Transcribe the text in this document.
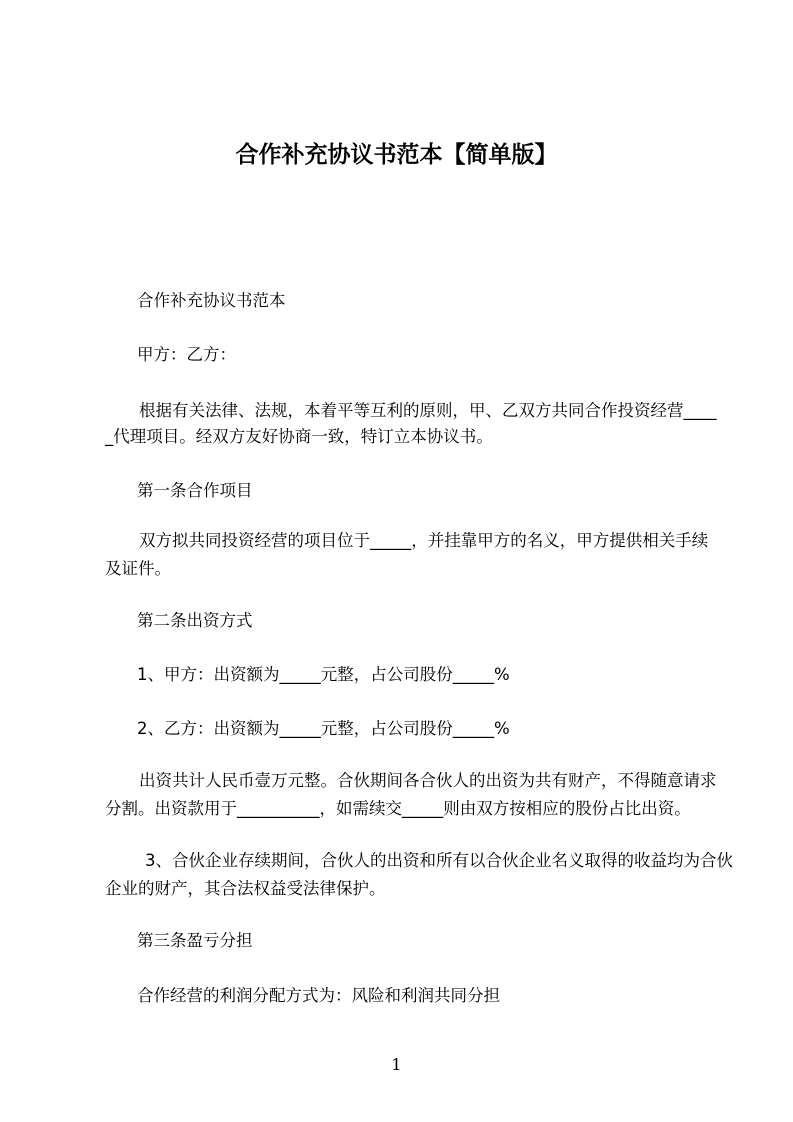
合作补充协议书范本【简单版】
合作补充协议书范本
甲方：乙方：
根据有关法律、法规，本着平等互利的原则，甲、乙双方共同合作投资经营____
_代理项目。经双方友好协商一致，特订立本协议书。
第一条合作项目
双方拟共同投资经营的项目位于_____，并挂靠甲方的名义，甲方提供相关手续
及证件。
第二条出资方式
1、甲方：出资额为_____元整，占公司股份_____%
2、乙方：出资额为_____元整，占公司股份_____%
出资共计人民币壹万元整。合伙期间各合伙人的出资为共有财产，不得随意请求
分割。出资款用于__________，如需续交_____则由双方按相应的股份占比出资。
3、合伙企业存续期间，合伙人的出资和所有以合伙企业名义取得的收益均为合伙
企业的财产，其合法权益受法律保护。
第三条盈亏分担
合作经营的利润分配方式为：风险和利润共同分担
1
